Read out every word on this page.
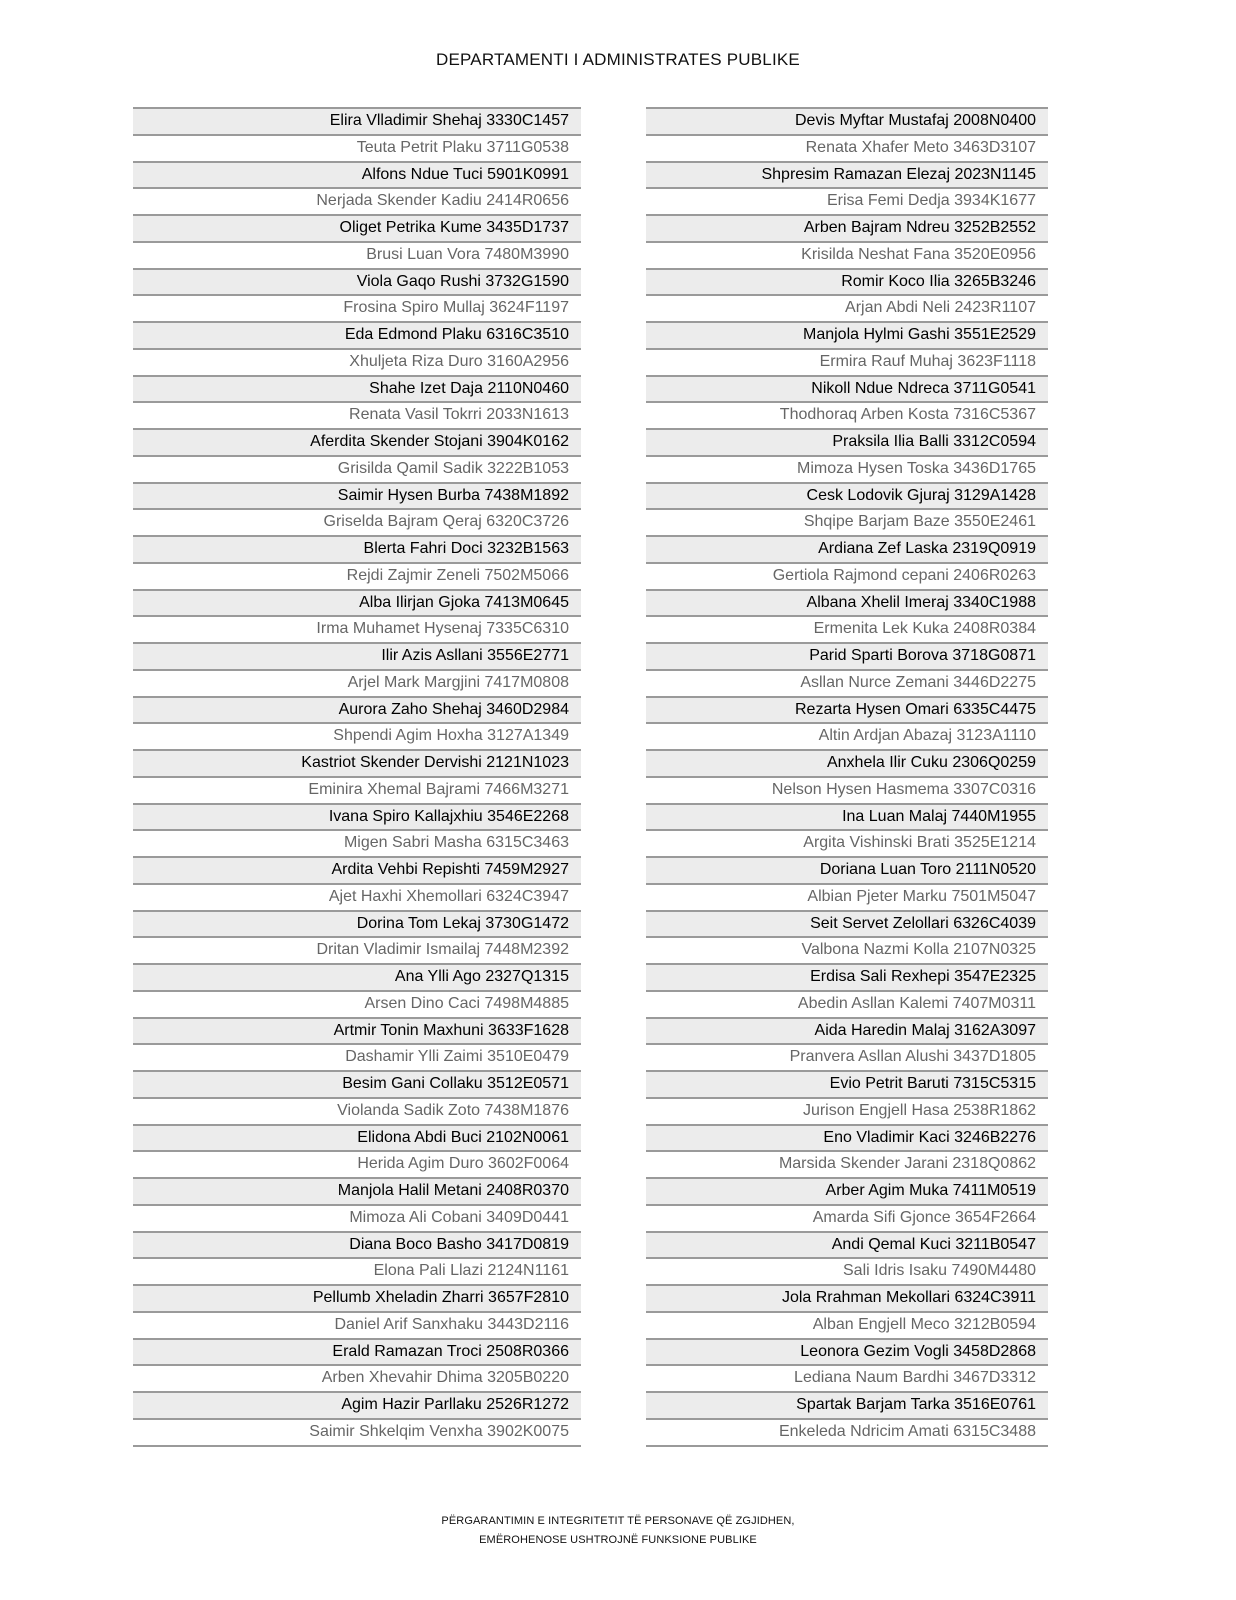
DEPARTAMENTI I ADMINISTRATES PUBLIKE
Elira Vlladimir Shehaj 3330C1457
Teuta Petrit Plaku 3711G0538
Alfons Ndue Tuci 5901K0991
Nerjada Skender Kadiu 2414R0656
Oliget Petrika Kume 3435D1737
Brusi Luan Vora 7480M3990
Viola Gaqo Rushi 3732G1590
Frosina Spiro Mullaj 3624F1197
Eda Edmond Plaku 6316C3510
Xhuljeta Riza Duro 3160A2956
Shahe Izet Daja 2110N0460
Renata Vasil Tokrri 2033N1613
Aferdita Skender Stojani 3904K0162
Grisilda Qamil Sadik 3222B1053
Saimir Hysen Burba 7438M1892
Griselda Bajram Qeraj 6320C3726
Blerta Fahri Doci 3232B1563
Rejdi Zajmir Zeneli 7502M5066
Alba Ilirjan Gjoka 7413M0645
Irma Muhamet Hysenaj 7335C6310
Ilir Azis Asllani 3556E2771
Arjel Mark Margjini 7417M0808
Aurora Zaho Shehaj 3460D2984
Shpendi Agim Hoxha 3127A1349
Kastriot Skender Dervishi 2121N1023
Eminira Xhemal Bajrami 7466M3271
Ivana Spiro Kallajxhiu 3546E2268
Migen Sabri Masha 6315C3463
Ardita Vehbi Repishti 7459M2927
Ajet Haxhi Xhemollari 6324C3947
Dorina Tom Lekaj 3730G1472
Dritan Vladimir Ismailaj 7448M2392
Ana Ylli Ago 2327Q1315
Arsen Dino Caci 7498M4885
Artmir Tonin Maxhuni 3633F1628
Dashamir Ylli Zaimi 3510E0479
Besim Gani Collaku 3512E0571
Violanda Sadik Zoto 7438M1876
Elidona Abdi Buci 2102N0061
Herida Agim Duro 3602F0064
Manjola Halil Metani 2408R0370
Mimoza Ali Cobani 3409D0441
Diana Boco Basho 3417D0819
Elona Pali Llazi 2124N1161
Pellumb Xheladin Zharri 3657F2810
Daniel Arif Sanxhaku 3443D2116
Erald Ramazan Troci 2508R0366
Arben Xhevahir Dhima 3205B0220
Agim Hazir Parllaku 2526R1272
Saimir Shkelqim Venxha 3902K0075
Devis Myftar Mustafaj 2008N0400
Renata Xhafer Meto 3463D3107
Shpresim Ramazan Elezaj 2023N1145
Erisa Femi Dedja 3934K1677
Arben Bajram Ndreu 3252B2552
Krisilda Neshat Fana 3520E0956
Romir Koco Ilia 3265B3246
Arjan Abdi Neli 2423R1107
Manjola Hylmi Gashi 3551E2529
Ermira Rauf Muhaj 3623F1118
Nikoll Ndue Ndreca 3711G0541
Thodhoraq Arben Kosta 7316C5367
Praksila Ilia Balli 3312C0594
Mimoza Hysen Toska 3436D1765
Cesk Lodovik Gjuraj 3129A1428
Shqipe Barjam Baze 3550E2461
Ardiana Zef Laska 2319Q0919
Gertiola Rajmond cepani 2406R0263
Albana Xhelil Imeraj 3340C1988
Ermenita Lek Kuka 2408R0384
Parid Sparti Borova 3718G0871
Asllan Nurce Zemani 3446D2275
Rezarta Hysen Omari 6335C4475
Altin Ardjan Abazaj 3123A1110
Anxhela Ilir Cuku 2306Q0259
Nelson Hysen Hasmema 3307C0316
Ina Luan Malaj 7440M1955
Argita Vishinski Brati 3525E1214
Doriana Luan Toro 2111N0520
Albian Pjeter Marku 7501M5047
Seit Servet Zelollari 6326C4039
Valbona Nazmi Kolla 2107N0325
Erdisa Sali Rexhepi 3547E2325
Abedin Asllan Kalemi 7407M0311
Aida Haredin Malaj 3162A3097
Pranvera Asllan Alushi 3437D1805
Evio Petrit Baruti 7315C5315
Jurison Engjell Hasa 2538R1862
Eno Vladimir Kaci 3246B2276
Marsida Skender Jarani 2318Q0862
Arber Agim Muka 7411M0519
Amarda Sifi Gjonce 3654F2664
Andi Qemal Kuci 3211B0547
Sali Idris Isaku 7490M4480
Jola Rrahman Mekollari 6324C3911
Alban Engjell Meco 3212B0594
Leonora Gezim Vogli 3458D2868
Lediana Naum Bardhi 3467D3312
Spartak Barjam Tarka 3516E0761
Enkeleda Ndricim Amati 6315C3488
PËRGARANTIMIN E INTEGRITETIT TË PERSONAVE QË ZGJIDHEN,
EMËROHENOSE USHTROJNË FUNKSIONE PUBLIKE
